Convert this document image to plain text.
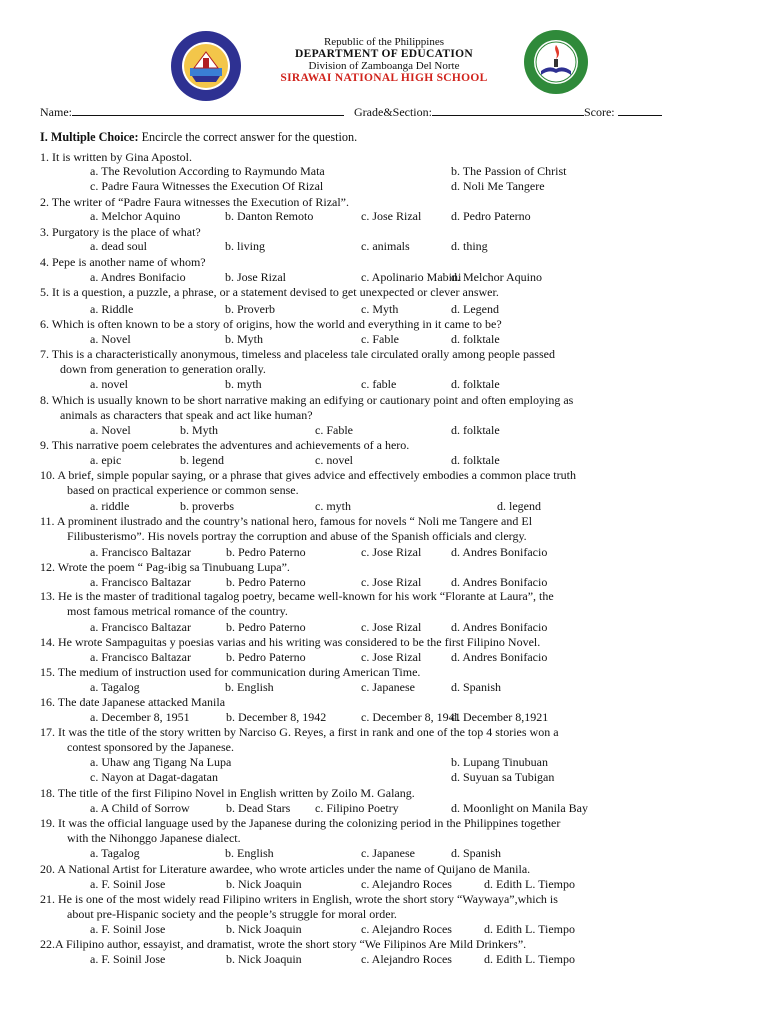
Republic of the Philippines
DEPARTMENT OF EDUCATION
Division of Zamboanga Del Norte
SIRAWAI NATIONAL HIGH SCHOOL
Name:	Grade&Section:	Score:
I. Multiple Choice: Encircle the correct answer for the question.
1. It is written by Gina Apostol.
a. The Revolution According to Raymundo Mata	b. The Passion of Christ
c. Padre Faura Witnesses the Execution Of Rizal	d. Noli Me Tangere
2. The writer of “Padre Faura witnesses the Execution of Rizal”.
a. Melchor Aquino	b. Danton Remoto	c. Jose Rizal d. Pedro Paterno
3. Purgatory is the place of what?
a. dead soul	b. living	c. animals	d. thing
4. Pepe is another name of whom?
a. Andres Bonifacio	b. Jose Rizal	c. Apolinario Mabini
d. Melchor Aquino
5. It is a question, a puzzle, a phrase, or a statement devised to get unexpected or clever answer.
a. Riddle	b. Proverb	c. Myth	d. Legend
6. Which is often known to be a story of origins, how the world and everything in it came to be?
a. Novel	b. Myth	c. Fable	d. folktale
7. This is a characteristically anonymous, timeless and placeless tale circulated orally among people passed
down from generation to generation orally.
a. novel	b. myth	c. fable	d. folktale
8. Which is usually known to be short narrative making an edifying or cautionary point and often employing as
animals as characters that speak and act like human?
a. Novel	b. Myth	c. Fable	d. folktale
9. This narrative poem celebrates the adventures and achievements of a hero.
a. epic	b. legend	c. novel	d. folktale
10. A brief, simple popular saying, or a phrase that gives advice and effectively embodies a common place truth
based on practical experience or common sense.
a. riddle	b. proverbs	c. myth	d. legend
11. A prominent ilustrado and the country’s national hero, famous for novels “ Noli me Tangere and El
Filibusterismo”. His novels portray the corruption and abuse of the Spanish officials and clergy.
a. Francisco Baltazar	b. Pedro Paterno	c. Jose Rizal d. Andres Bonifacio
12. Wrote the poem “ Pag-ibig sa Tinubuang Lupa”.
a. Francisco Baltazar	b. Pedro Paterno	c. Jose Rizal d. Andres Bonifacio
13. He is the master of traditional tagalog poetry, became well-known for his work “Florante at Laura”, the
most famous metrical romance of the country.
a. Francisco Baltazar	b. Pedro Paterno	c. Jose Rizal d. Andres Bonifacio
14. He wrote Sampaguitas y poesias varias and his writing was considered to be the first Filipino Novel.
a. Francisco Baltazar	b. Pedro Paterno	c. Jose Rizal d. Andres Bonifacio
15. The medium of instruction used for communication during American Time.
a. Tagalog	b. English	c. Japanese	d. Spanish
16. The date Japanese attacked Manila
a. December 8, 1951	b. December 8, 1942	c. December 8, 1941
d. December 8,1921
17. It was the title of the story written by Narciso G. Reyes, a first in rank and one of the top 4 stories won a
contest sponsored by the Japanese.
a. Uhaw ang Tigang Na Lupa	b. Lupang Tinubuan
c. Nayon at Dagat-dagatan	d. Suyuan sa Tubigan
18. The title of the first Filipino Novel in English written by Zoilo M. Galang.
a. A Child of Sorrow	b. Dead Stars c. Filipino Poetry	d. Moonlight on Manila Bay
19. It was the official language used by the Japanese during the colonizing period in the Philippines together
with the Nihonggo Japanese dialect.
a. Tagalog	b. English	c. Japanese	d. Spanish
20. A National Artist for Literature awardee, who wrote articles under the name of Quijano de Manila.
a. F. Soinil Jose	b. Nick Joaquin	c. Alejandro Roces	d. Edith L. Tiempo
21. He is one of the most widely read Filipino writers in English, wrote the short story “Waywaya”,which is
about pre-Hispanic society and the people’s struggle for moral order.
a. F. Soinil Jose	b. Nick Joaquin	c. Alejandro Roces	d. Edith L. Tiempo
22.A Filipino author, essayist, and dramatist, wrote the short story “We Filipinos Are Mild Drinkers”.
a. F. Soinil Jose	b. Nick Joaquin	c. Alejandro Roces	d. Edith L. Tiempo
